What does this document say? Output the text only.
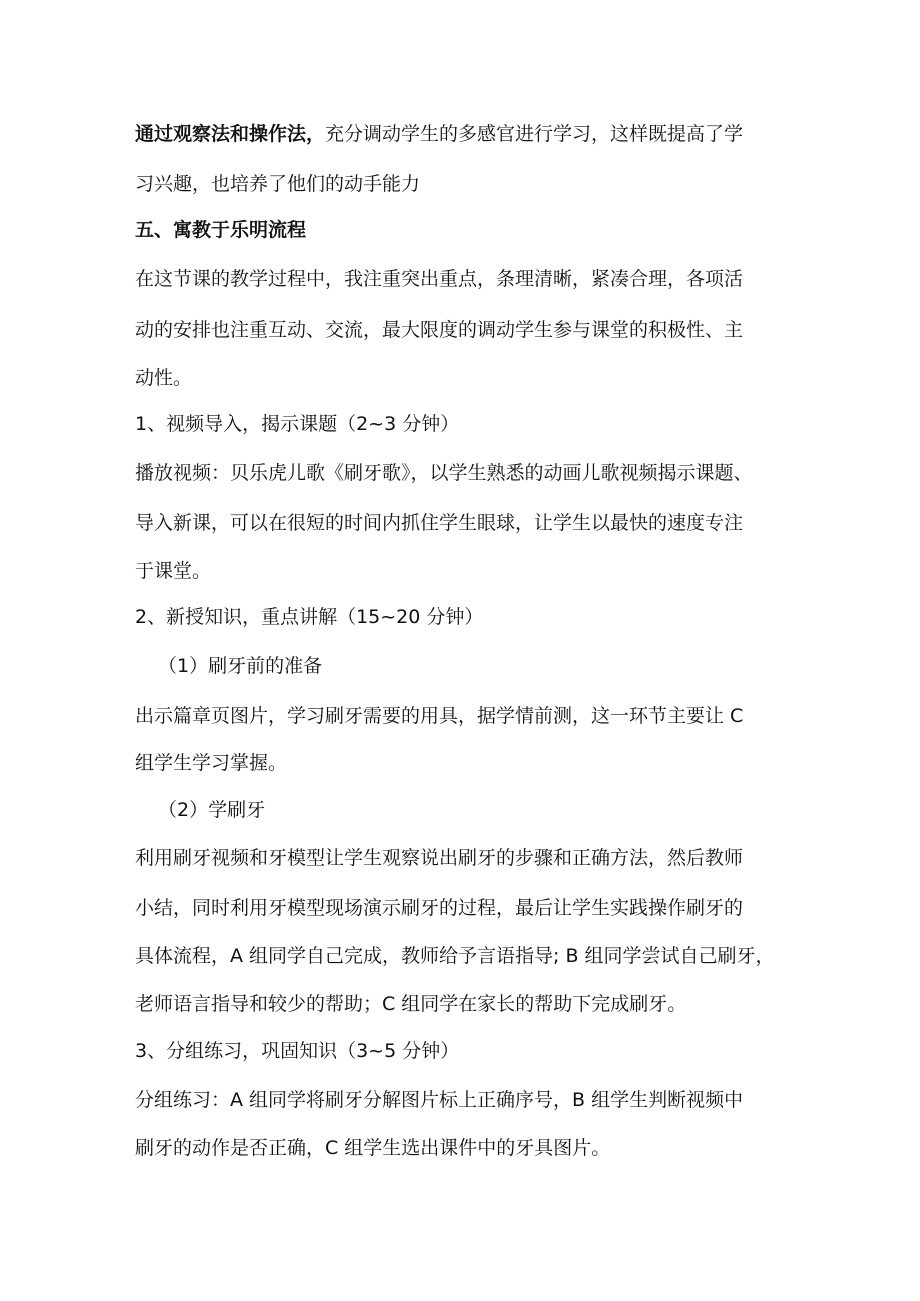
通过观察法和操作法，充分调动学生的多感官进行学习，这样既提高了学
习兴趣，也培养了他们的动手能力
五、寓教于乐明流程
在这节课的教学过程中，我注重突出重点，条理清晰，紧凑合理，各项活
动的安排也注重互动、交流，最大限度的调动学生参与课堂的积极性、主
动性。
1、视频导入，揭示课题（2~3 分钟）
播放视频：贝乐虎儿歌《刷牙歌》，以学生熟悉的动画儿歌视频揭示课题、
导入新课，可以在很短的时间内抓住学生眼球，让学生以最快的速度专注
于课堂。
2、新授知识，重点讲解（15~20 分钟）
（1）刷牙前的准备
出示篇章页图片，学习刷牙需要的用具，据学情前测，这一环节主要让 C
组学生学习掌握。
（2）学刷牙
利用刷牙视频和牙模型让学生观察说出刷牙的步骤和正确方法，然后教师
小结，同时利用牙模型现场演示刷牙的过程，最后让学生实践操作刷牙的
具体流程，A 组同学自己完成，教师给予言语指导; B 组同学尝试自己刷牙，
老师语言指导和较少的帮助；C 组同学在家长的帮助下完成刷牙。
3、分组练习，巩固知识（3~5 分钟）
分组练习：A 组同学将刷牙分解图片标上正确序号，B 组学生判断视频中
刷牙的动作是否正确，C 组学生选出课件中的牙具图片。
